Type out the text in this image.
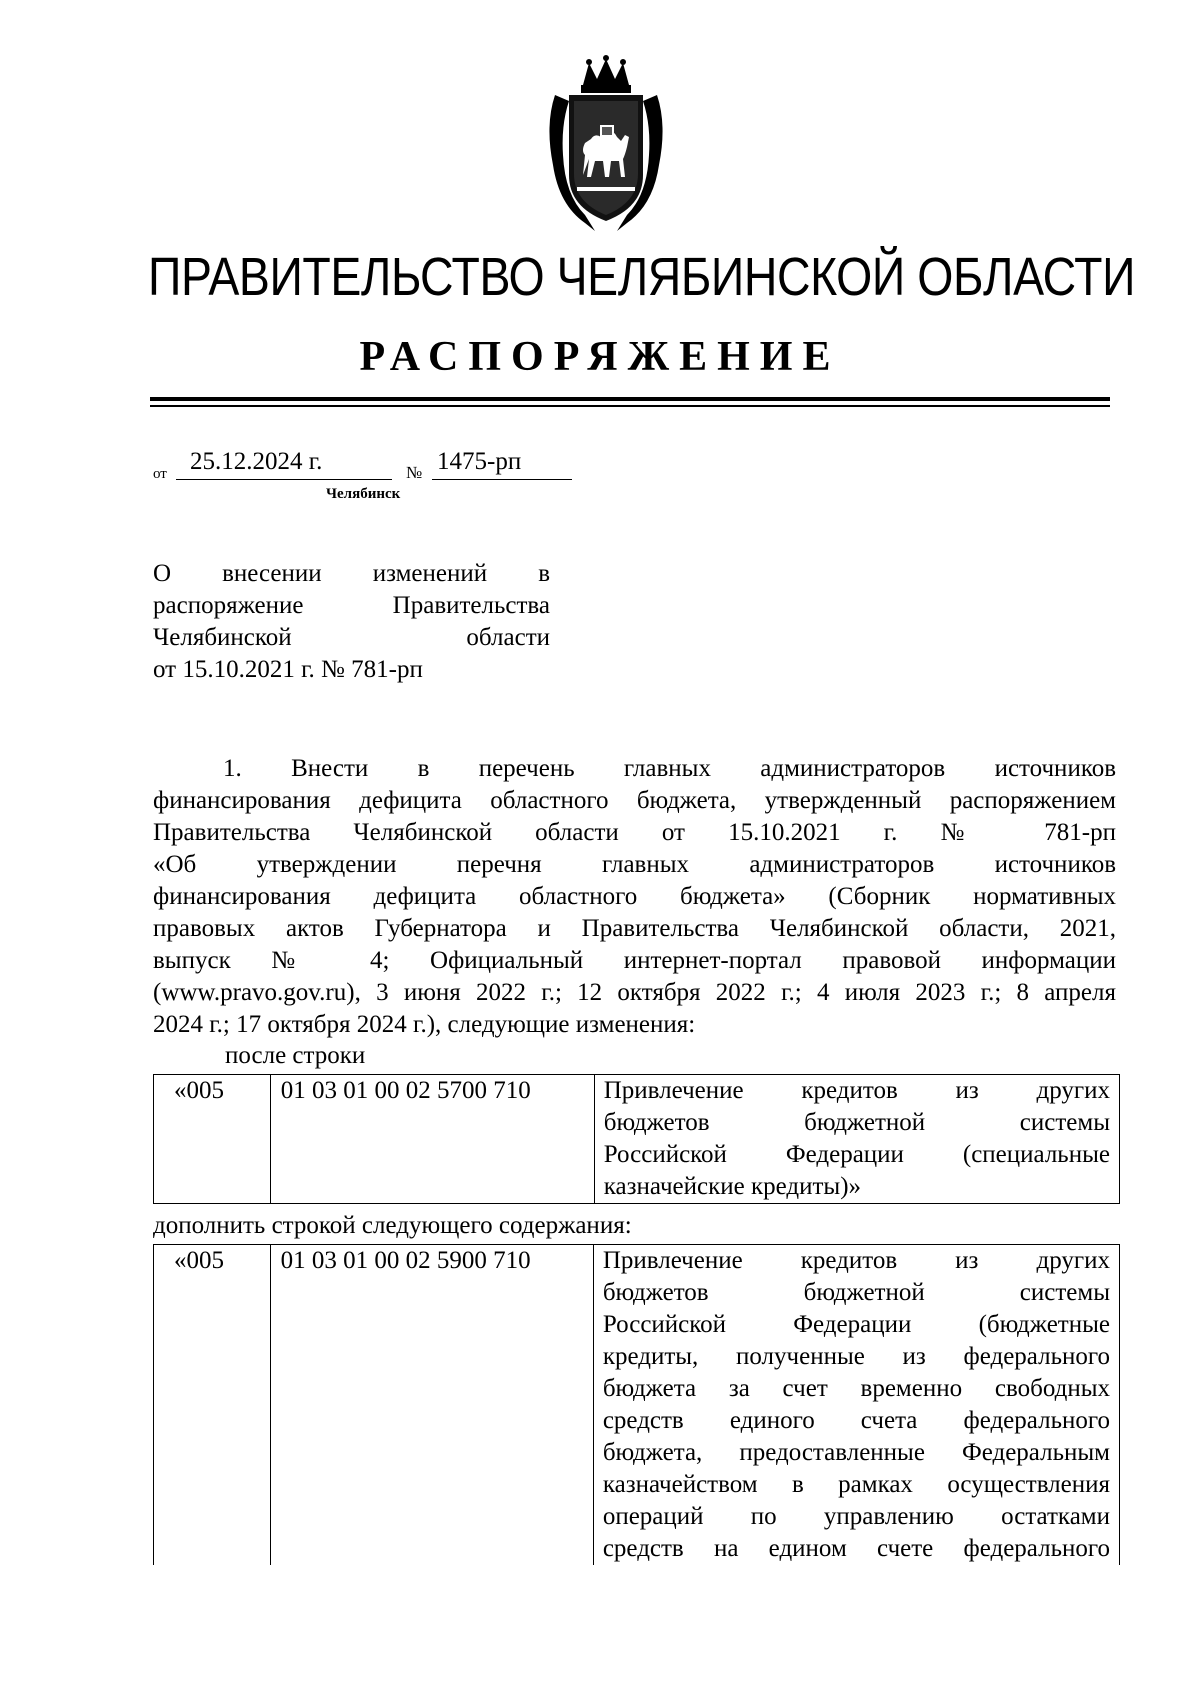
ПРАВИТЕЛЬСТВО ЧЕЛЯБИНСКОЙ ОБЛАСТИ
РАСПОРЯЖЕНИЕ
от 25.12.2024 г.	№ 1475-рп
Челябинск
О внесении изменений в
распоряжение Правительства
Челябинской области
от 15.10.2021 г. № 781-рп
1. Внести в перечень главных администраторов источников
финансирования дефицита областного бюджета, утвержденный распоряжением
Правительства Челябинской области от 15.10.2021 г. № 781-рп
«Об утверждении перечня главных администраторов источников
финансирования дефицита областного бюджета» (Сборник нормативных
правовых актов Губернатора и Правительства Челябинской области, 2021,
выпуск № 4; Официальный интернет-портал правовой информации
(www.pravo.gov.ru), 3 июня 2022 г.; 12 октября 2022 г.; 4 июля 2023 г.; 8 апреля
2024 г.; 17 октября 2024 г.), следующие изменения:
после строки
«005	01 03 01 00 02 5700 710	Привлечение кредитов из других
бюджетов бюджетной системы
Российской Федерации (специальные
казначейские кредиты)»
дополнить строкой следующего содержания:
«005	01 03 01 00 02 5900 710	Привлечение кредитов из других
бюджетов бюджетной системы
Российской Федерации (бюджетные
кредиты, полученные из федерального
бюджета за счет временно свободных
средств единого счета федерального
бюджета, предоставленные Федеральным
казначейством в рамках осуществления
операций по управлению остатками
средств на едином счете федерального
